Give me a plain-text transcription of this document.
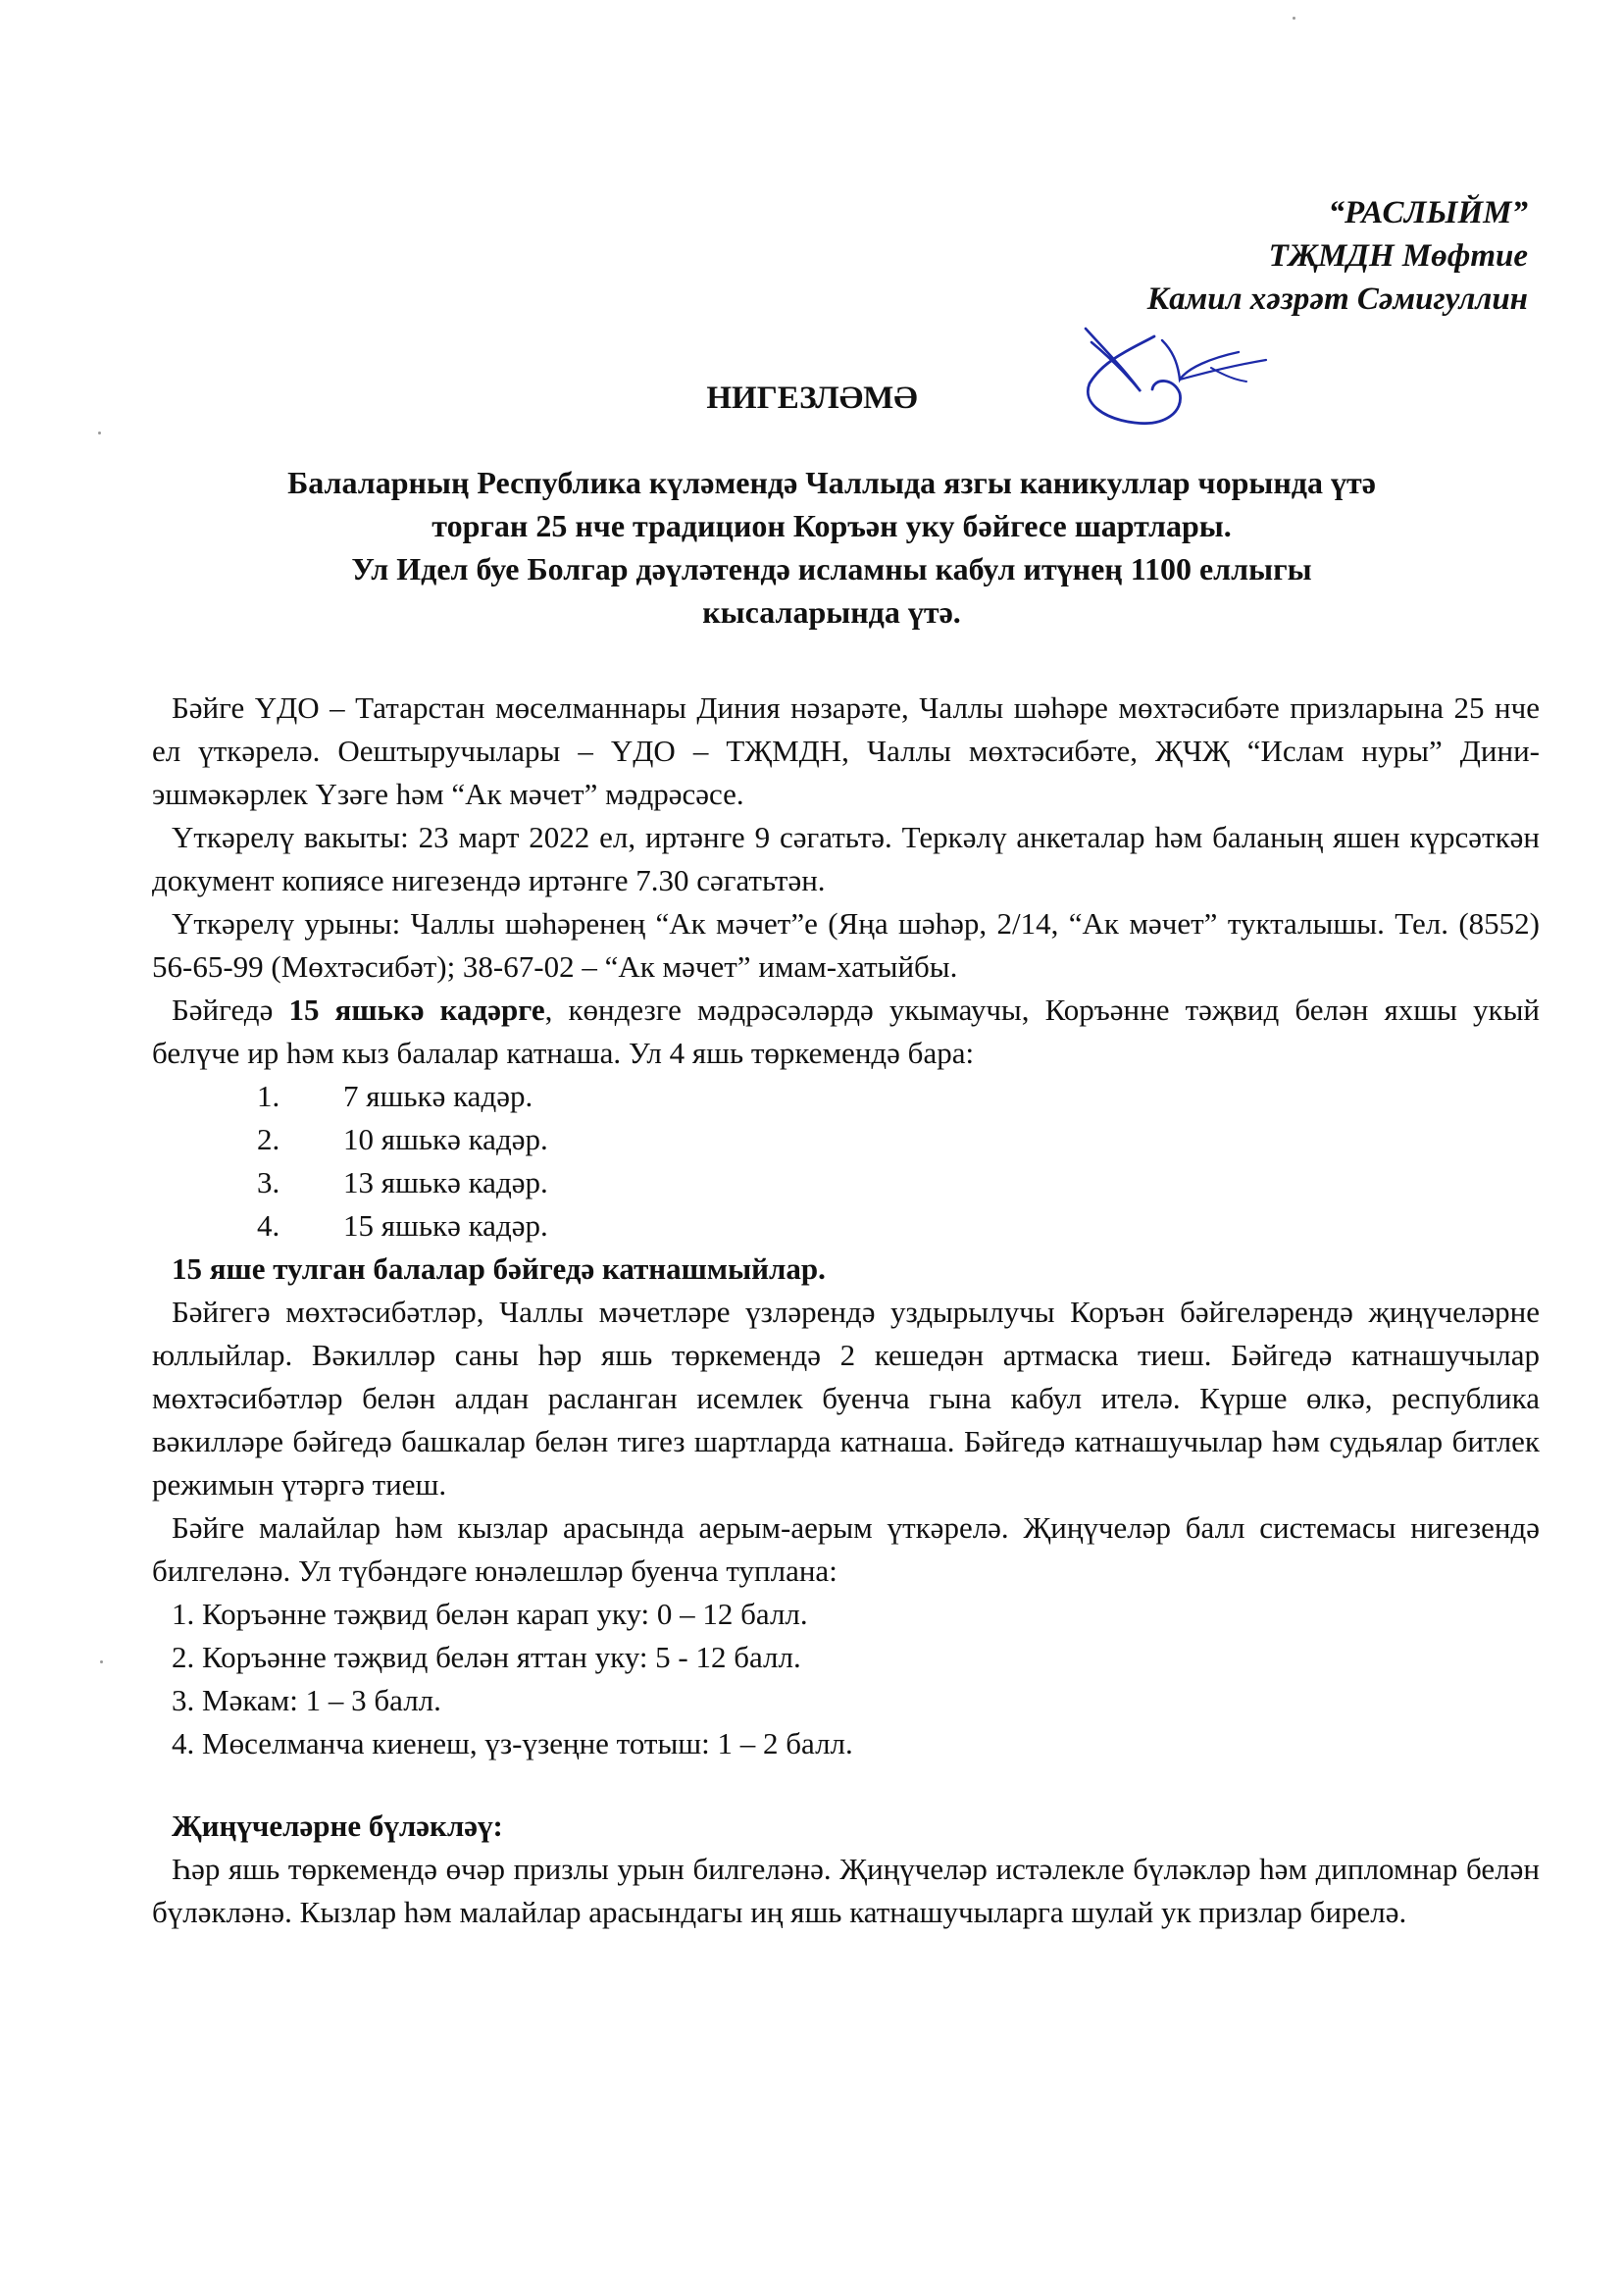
“РАСЛЫЙМ”
ТҖМДН Мөфтие
Камил хәзрәт Сәмигуллин
НИГЕЗЛӘМӘ
Балаларның Республика күләмендә Чаллыда язгы каникуллар чорында үтә
торган 25 нче традицион Коръән уку бәйгесе шартлары.
Ул Идел буе Болгар дәүләтендә исламны кабул итүнең 1100 еллыгы
кысаларында үтә.

Бәйге ҮДО – Татарстан мөселманнары Диния нәзарәте, Чаллы шәһәре мөхтәсибәте призларына 25 нче ел үткәрелә. Оештыручылары – ҮДО – ТҖМДН, Чаллы мөхтәсибәте, ҖЧҖ “Ислам нуры” Дини-эшмәкәрлек Үзәге һәм “Ак мәчет” мәдрәсәсе.

Үткәрелү вакыты: 23 март 2022 ел, иртәнге 9 сәгатьтә. Теркәлү анкеталар һәм баланың яшен күрсәткән документ копиясе нигезендә иртәнге 7.30 сәгатьтән.

Үткәрелү урыны: Чаллы шәһәренең “Ак мәчет”е (Яңа шәһәр, 2/14, “Ак мәчет” тукталышы. Тел. (8552) 56-65-99 (Мөхтәсибәт); 38-67-02 – “Ак мәчет” имам-хатыйбы.

Бәйгедә 15 яшькә кадәрге, көндезге мәдрәсәләрдә укымаучы, Коръәнне тәҗвид белән яхшы укый белүче ир һәм кыз балалар катнаша. Ул 4 яшь төркемендә бара:

1.	7 яшькә кадәр.
2.	10 яшькә кадәр.
3.	13 яшькә кадәр.
4.	15 яшькә кадәр.

15 яше тулган балалар бәйгедә катнашмыйлар.

Бәйгегә мөхтәсибәтләр, Чаллы мәчетләре үзләрендә уздырылучы Коръән бәйгеләрендә җиңүчеләрне юллыйлар. Вәкилләр саны һәр яшь төркемендә 2 кешедән артмаска тиеш. Бәйгедә катнашучылар мөхтәсибәтләр белән алдан расланган исемлек буенча гына кабул ителә. Күрше өлкә, республика вәкилләре бәйгедә башкалар белән тигез шартларда катнаша. Бәйгедә катнашучылар һәм судьялар битлек режимын үтәргә тиеш.

Бәйге малайлар һәм кызлар арасында аерым-аерым үткәрелә. Җиңүчеләр балл системасы нигезендә билгеләнә. Ул түбәндәге юнәлешләр буенча туплана:

1. Коръәнне тәҗвид белән карап уку: 0 – 12 балл.
2. Коръәнне тәҗвид белән яттан уку: 5 - 12 балл.
3. Мәкам: 1 – 3 балл.
4. Мөселманча киенеш, үз-үзеңне тотыш: 1 – 2 балл.

Җиңүчеләрне бүләкләү:

Һәр яшь төркемендә өчәр призлы урын билгеләнә. Җиңүчеләр истәлекле бүләкләр һәм дипломнар белән бүләкләнә. Кызлар һәм малайлар арасындагы иң яшь катнашучыларга шулай ук призлар бирелә.
